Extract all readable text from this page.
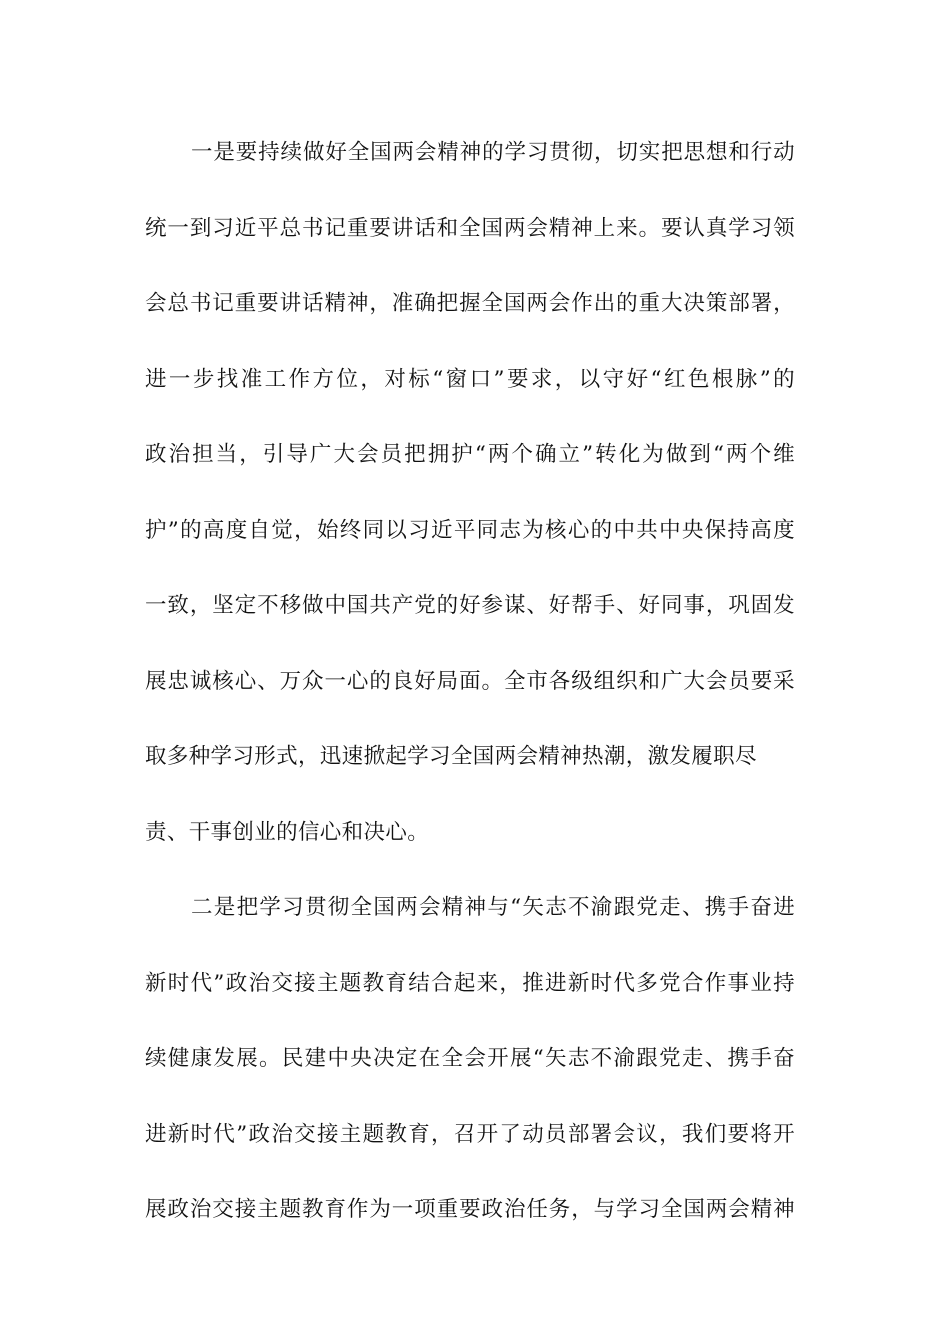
一是要持续做好全国两会精神的学习贯彻，切实把思想和行动
统一到习近平总书记重要讲话和全国两会精神上来。要认真学习领
会总书记重要讲话精神，准确把握全国两会作出的重大决策部署，
进一步找准工作方位，对标“窗口”要求，以守好“红色根脉”的
政治担当，引导广大会员把拥护“两个确立”转化为做到“两个维
护”的高度自觉，始终同以习近平同志为核心的中共中央保持高度
一致，坚定不移做中国共产党的好参谋、好帮手、好同事，巩固发
展忠诚核心、万众一心的良好局面。全市各级组织和广大会员要采
取多种学习形式，迅速掀起学习全国两会精神热潮，激发履职尽
责、干事创业的信心和决心。
二是把学习贯彻全国两会精神与“矢志不渝跟党走、携手奋进
新时代”政治交接主题教育结合起来，推进新时代多党合作事业持
续健康发展。民建中央决定在全会开展“矢志不渝跟党走、携手奋
进新时代”政治交接主题教育，召开了动员部署会议，我们要将开
展政治交接主题教育作为一项重要政治任务，与学习全国两会精神
